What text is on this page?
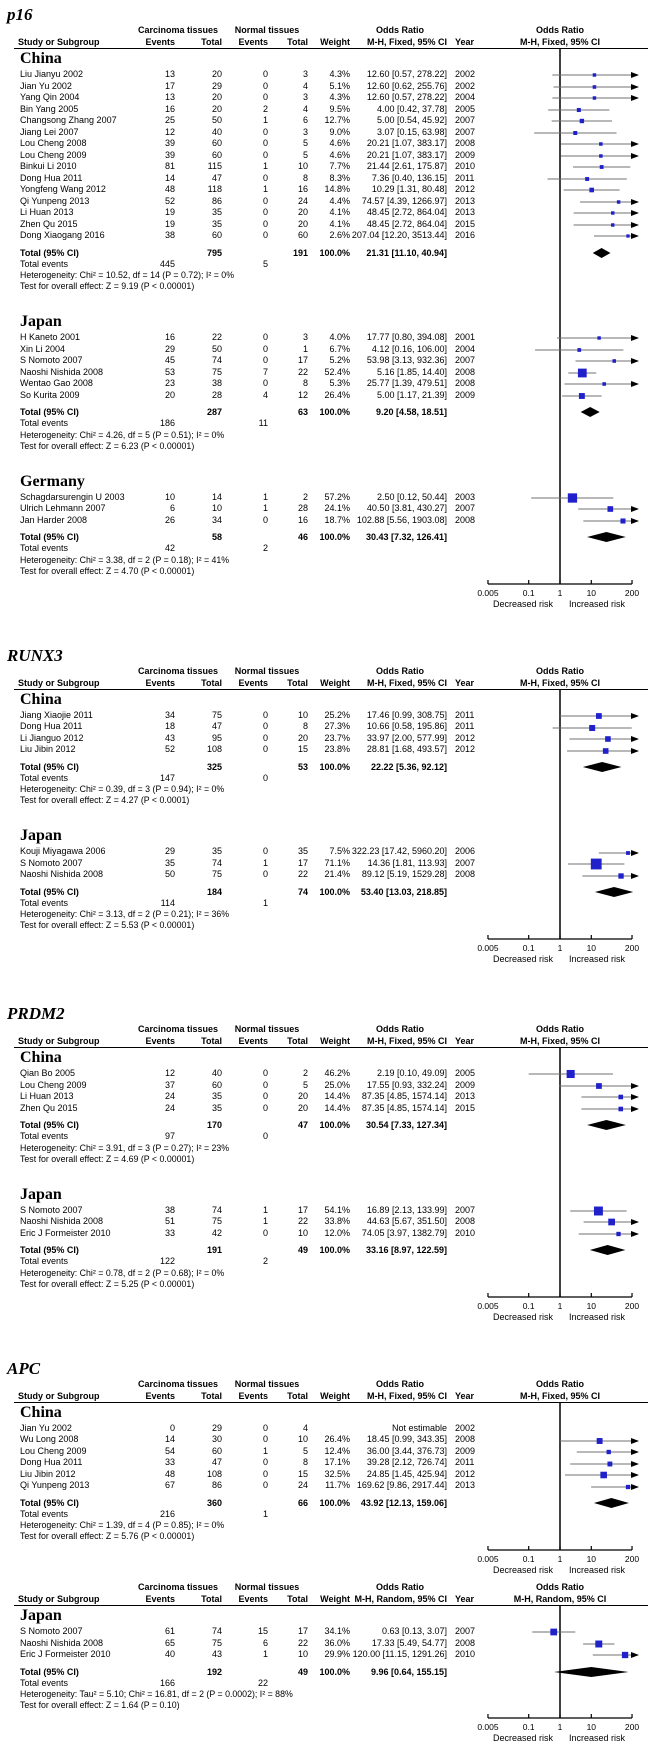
p16
Carcinoma tissues	Normal tissues	Odds Ratio	Odds Ratio
Study or Subgroup	Events	Total	Events	Total	Weight	M-H, Fixed, 95% CI Year	M-H, Fixed, 95% CI
China
Liu Jianyu 2002	13	20	0	3	4.3%	12.60 [0.57, 278.22] 2002
Jian Yu 2002	17	29	0	4	5.1%	12.60 [0.62, 255.76] 2002
Yang Qin 2004	13	20	0	3	4.3%	12.60 [0.57, 278.22] 2004
Bin Yang 2005	16	20	2	4	9.5%	4.00 [0.42, 37.78] 2005
Changsong Zhang 2007	25	50	1	6	12.7%	5.00 [0.54, 45.92] 2007
Jiang Lei 2007	12	40	0	3	9.0%	3.07 [0.15, 63.98] 2007
Lou Cheng 2008	39	60	0	5	4.6%	20.21 [1.07, 383.17] 2008
Lou Cheng 2009	39	60	0	5	4.6%	20.21 [1.07, 383.17] 2009
Binkui Li 2010	81	115	1	10	7.7%	21.44 [2.61, 175.87] 2010
Dong Hua 2011	14	47	0	8	8.3%	7.36 [0.40, 136.15] 2011
Yongfeng Wang 2012	48	118	1	16	14.8%	10.29 [1.31, 80.48] 2012
Qi Yunpeng 2013	52	86	0	24	4.4%	74.57 [4.39, 1266.97] 2013
Li Huan 2013	19	35	0	20	4.1%	48.45 [2.72, 864.04] 2013
Zhen Qu 2015	19	35	0	20	4.1%	48.45 [2.72, 864.04] 2015
Dong Xiaogang 2016	38	60	0	60	2.6% 207.04 [12.20, 3513.44] 2016
Total (95% CI)	795	191	100.0%	21.31 [11.10, 40.94]
Total events	445	5
Heterogeneity: Chi² = 10.52, df = 14 (P = 0.72); I² = 0%
Test for overall effect: Z = 9.19 (P < 0.00001)
Japan
H Kaneto 2001	16	22	0	3	4.0%	17.77 [0.80, 394.08] 2001
Xin Li 2004	29	50	0	1	6.7%	4.12 [0.16, 106.00] 2004
S Nomoto 2007	45	74	0	17	5.2%	53.98 [3.13, 932.36] 2007
Naoshi Nishida 2008	53	75	7	22	52.4%	5.16 [1.85, 14.40] 2008
Wentao Gao 2008	23	38	0	8	5.3%	25.77 [1.39, 479.51] 2008
So Kurita 2009	20	28	4	12	26.4%	5.00 [1.17, 21.39] 2009
Total (95% CI)	287	63	100.0%	9.20 [4.58, 18.51]
Total events	186	11
Heterogeneity: Chi² = 4.26, df = 5 (P = 0.51); I² = 0%
Test for overall effect: Z = 6.23 (P < 0.00001)
Germany
Schagdarsurengin U 2003	10	14	1	2	57.2%	2.50 [0.12, 50.44] 2003
Ulrich Lehmann 2007	6	10	1	28	24.1%	40.50 [3.81, 430.27] 2007
Jan Harder 2008	26	34	0	16	18.7% 102.88 [5.56, 1903.08] 2008
Total (95% CI)	58	46	100.0%	30.43 [7.32, 126.41]
Total events	42	2
Heterogeneity: Chi² = 3.38, df = 2 (P = 0.18); I² = 41%
Test for overall effect: Z = 4.70 (P < 0.00001)
0.005	0.1	1	10	200
Decreased risk Increased risk
RUNX3
Carcinoma tissues	Normal tissues	Odds Ratio	Odds Ratio
Study or Subgroup	Events	Total	Events	Total	Weight	M-H, Fixed, 95% CI Year	M-H, Fixed, 95% CI
China
Jiang Xiaojie 2011	34	75	0	10	25.2%	17.46 [0.99, 308.75] 2011
Dong Hua 2011	18	47	0	8	27.3%	10.66 [0.58, 195.86] 2011
Li Jianguo 2012	43	95	0	20	23.7%	33.97 [2.00, 577.99] 2012
Liu Jibin 2012	52	108	0	15	23.8%	28.81 [1.68, 493.57] 2012
Total (95% CI)	325	53	100.0%	22.22 [5.36, 92.12]
Total events	147	0
Heterogeneity: Chi² = 0.39, df = 3 (P = 0.94); I² = 0%
Test for overall effect: Z = 4.27 (P < 0.0001)
Japan
Kouji Miyagawa 2006	29	35	0	35	7.5% 322.23 [17.42, 5960.20] 2006
S Nomoto 2007	35	74	1	17	71.1%	14.36 [1.81, 113.93] 2007
Naoshi Nishida 2008	50	75	0	22	21.4%	89.12 [5.19, 1529.28] 2008
Total (95% CI)	184	74	100.0%	53.40 [13.03, 218.85]
Total events	114	1
Heterogeneity: Chi² = 3.13, df = 2 (P = 0.21); I² = 36%
Test for overall effect: Z = 5.53 (P < 0.00001)
0.005	0.1	1	10	200
Decreased risk Increased risk
PRDM2
Carcinoma tissues	Normal tissues	Odds Ratio	Odds Ratio
Study or Subgroup	Events	Total	Events	Total	Weight	M-H, Fixed, 95% CI Year	M-H, Fixed, 95% CI
China
Qian Bo 2005	12	40	0	2	46.2%	2.19 [0.10, 49.09] 2005
Lou Cheng 2009	37	60	0	5	25.0%	17.55 [0.93, 332.24] 2009
Li Huan 2013	24	35	0	20	14.4%	87.35 [4.85, 1574.14] 2013
Zhen Qu 2015	24	35	0	20	14.4%	87.35 [4.85, 1574.14] 2015
Total (95% CI)	170	47	100.0%	30.54 [7.33, 127.34]
Total events	97	0
Heterogeneity: Chi² = 3.91, df = 3 (P = 0.27); I² = 23%
Test for overall effect: Z = 4.69 (P < 0.00001)
Japan
S Nomoto 2007	38	74	1	17	54.1%	16.89 [2.13, 133.99] 2007
Naoshi Nishida 2008	51	75	1	22	33.8%	44.63 [5.67, 351.50] 2008
Eric J Formeister 2010	33	42	0	10	12.0%	74.05 [3.97, 1382.79] 2010
Total (95% CI)	191	49	100.0%	33.16 [8.97, 122.59]
Total events	122	2
Heterogeneity: Chi² = 0.78, df = 2 (P = 0.68); I² = 0%
Test for overall effect: Z = 5.25 (P < 0.00001)
0.005	0.1	1	10	200
Decreased risk Increased risk
APC
Carcinoma tissues	Normal tissues	Odds Ratio	Odds Ratio
Study or Subgroup	Events	Total	Events	Total	Weight	M-H, Fixed, 95% CI Year	M-H, Fixed, 95% CI
China
Jian Yu 2002	0	29	0	4	Not estimable 2002
Wu Long 2008	14	30	0	10	26.4%	18.45 [0.99, 343.35] 2008
Lou Cheng 2009	54	60	1	5	12.4%	36.00 [3.44, 376.73] 2009
Dong Hua 2011	33	47	0	8	17.1%	39.28 [2.12, 726.74] 2011
Liu Jibin 2012	48	108	0	15	32.5%	24.85 [1.45, 425.94] 2012
Qi Yunpeng 2013	67	86	0	24	11.7% 169.62 [9.86, 2917.44] 2013
Total (95% CI)	360	66	100.0%	43.92 [12.13, 159.06]
Total events	216	1
Heterogeneity: Chi² = 1.39, df = 4 (P = 0.85); I² = 0%
Test for overall effect: Z = 5.76 (P < 0.00001)
0.005	0.1	1	10	200
Decreased risk Increased risk
Carcinoma tissues	Normal tissues	Odds Ratio	Odds Ratio
Study or Subgroup	Events	Total	Events	Total	Weight M-H, Random, 95% CI Year	M-H, Random, 95% CI
Japan
S Nomoto 2007	61	74	15	17	34.1%	0.63 [0.13, 3.07] 2007
Naoshi Nishida 2008	65	75	6	22	36.0%	17.33 [5.49, 54.77] 2008
Eric J Formeister 2010	40	43	1	10	29.9% 120.00 [11.15, 1291.26] 2010
Total (95% CI)	192	49	100.0%	9.96 [0.64, 155.15]
Total events	166	22
Heterogeneity: Tau² = 5.10; Chi² = 16.81, df = 2 (P = 0.0002); I² = 88%
Test for overall effect: Z = 1.64 (P = 0.10)
0.005	0.1	1	10	200
Decreased risk Increased risk
